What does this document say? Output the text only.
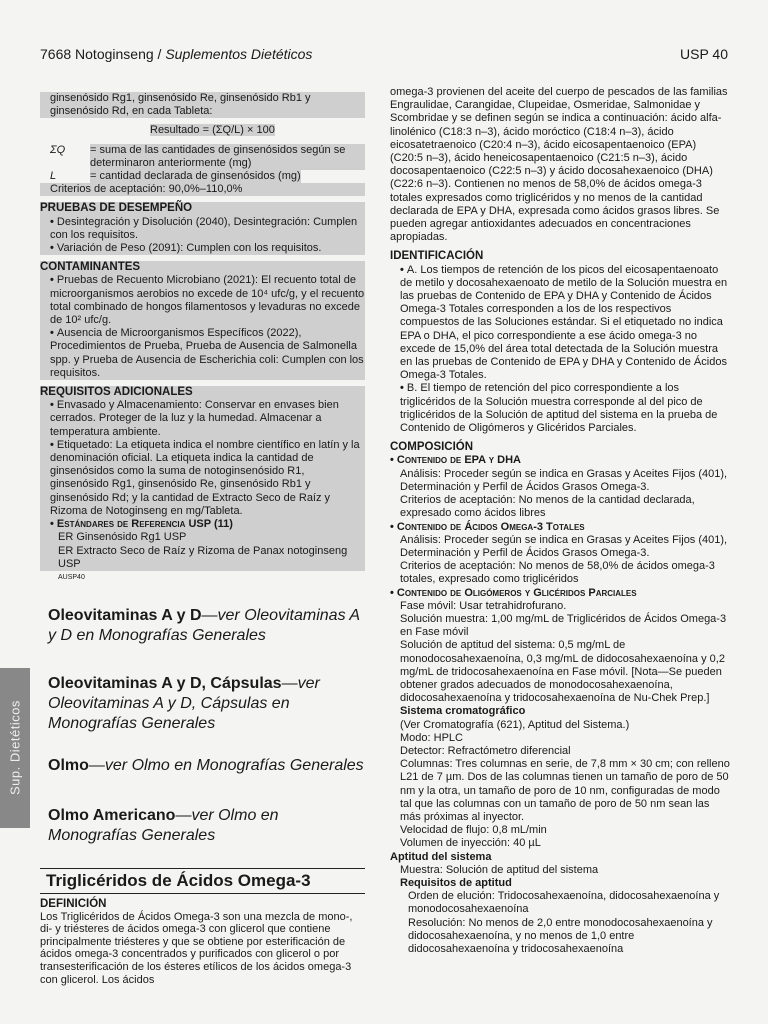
7668 Notoginseng / Suplementos Dietéticos	USP 40

ginsenósido Rg1, ginsenósido Re, ginsenósido Rb1 y ginsenósido Rd, en cada Tableta:

Resultado = (ΣQ/L) × 100

ΣQ	= suma de las cantidades de ginsenósidos según se determinaron anteriormente (mg)
L	= cantidad declarada de ginsenósidos (mg)

Criterios de aceptación: 90,0%–110,0%

PRUEBAS DE DESEMPEÑO

• Desintegración y Disolución (2040), Desintegración: Cumplen con los requisitos.

• Variación de Peso (2091): Cumplen con los requisitos.

CONTAMINANTES

• Pruebas de Recuento Microbiano (2021): El recuento total de microorganismos aerobios no excede de 10⁴ ufc/g, y el recuento total combinado de hongos filamentosos y levaduras no excede de 10² ufc/g.

• Ausencia de Microorganismos Específicos (2022), Procedimientos de Prueba, Prueba de Ausencia de Salmonella spp. y Prueba de Ausencia de Escherichia coli: Cumplen con los requisitos.

REQUISITOS ADICIONALES

• Envasado y Almacenamiento: Conservar en envases bien cerrados. Proteger de la luz y la humedad. Almacenar a temperatura ambiente.

• Etiquetado: La etiqueta indica el nombre científico en latín y la denominación oficial. La etiqueta indica la cantidad de ginsenósidos como la suma de notoginsenósido R1, ginsenósido Rg1, ginsenósido Re, ginsenósido Rb1 y ginsenósido Rd; y la cantidad de Extracto Seco de Raíz y Rizoma de Notoginseng en mg/Tableta.

• Estándares de Referencia USP (11)

ER Ginsenósido Rg1 USP

ER Extracto Seco de Raíz y Rizoma de Panax notoginseng USP

AUSP40

Oleovitaminas A y D—ver Oleovitaminas A y D en Monografías Generales
Oleovitaminas A y D, Cápsulas—ver Oleovitaminas A y D, Cápsulas en Monografías Generales
Olmo—ver Olmo en Monografías Generales
Olmo Americano—ver Olmo en Monografías Generales
Sup. Dietéticos
Triglicéridos de Ácidos Omega-3

DEFINICIÓN

Los Triglicéridos de Ácidos Omega-3 son una mezcla de mono-, di- y triésteres de ácidos omega-3 con glicerol que contiene principalmente triésteres y que se obtiene por esterificación de ácidos omega-3 concentrados y purificados con glicerol o por transesterificación de los ésteres etílicos de los ácidos omega-3 con glicerol. Los ácidos

omega-3 provienen del aceite del cuerpo de pescados de las familias Engraulidae, Carangidae, Clupeidae, Osmeridae, Salmonidae y Scombridae y se definen según se indica a continuación: ácido alfa-linolénico (C18:3 n–3), ácido moróctico (C18:4 n–3), ácido eicosatetraenoico (C20:4 n–3), ácido eicosapentaenoico (EPA) (C20:5 n–3), ácido heneicosapentaenoico (C21:5 n–3), ácido docosapentaenoico (C22:5 n–3) y ácido docosahexaenoico (DHA) (C22:6 n–3). Contienen no menos de 58,0% de ácidos omega-3 totales expresados como triglicéridos y no menos de la cantidad declarada de EPA y DHA, expresada como ácidos grasos libres. Se pueden agregar antioxidantes adecuados en concentraciones apropiadas.

IDENTIFICACIÓN

• A. Los tiempos de retención de los picos del eicosapentaenoato de metilo y docosahexaenoato de metilo de la Solución muestra en las pruebas de Contenido de EPA y DHA y Contenido de Ácidos Omega-3 Totales corresponden a los de los respectivos compuestos de las Soluciones estándar. Si el etiquetado no indica EPA o DHA, el pico correspondiente a ese ácido omega-3 no excede de 15,0% del área total detectada de la Solución muestra en las pruebas de Contenido de EPA y DHA y Contenido de Ácidos Omega-3 Totales.

• B. El tiempo de retención del pico correspondiente a los triglicéridos de la Solución muestra corresponde al del pico de triglicéridos de la Solución de aptitud del sistema en la prueba de Contenido de Oligómeros y Glicéridos Parciales.

COMPOSICIÓN

• Contenido de EPA y DHA

Análisis: Proceder según se indica en Grasas y Aceites Fijos (401), Determinación y Perfil de Ácidos Grasos Omega-3.

Criterios de aceptación: No menos de la cantidad declarada, expresado como ácidos libres

• Contenido de Ácidos Omega-3 Totales

Análisis: Proceder según se indica en Grasas y Aceites Fijos (401), Determinación y Perfil de Ácidos Grasos Omega-3.

Criterios de aceptación: No menos de 58,0% de ácidos omega-3 totales, expresado como triglicéridos

• Contenido de Oligómeros y Glicéridos Parciales

Fase móvil: Usar tetrahidrofurano.

Solución muestra: 1,00 mg/mL de Triglicéridos de Ácidos Omega-3 en Fase móvil

Solución de aptitud del sistema: 0,5 mg/mL de monodocosahexaenoína, 0,3 mg/mL de didocosahexaenoína y 0,2 mg/mL de tridocosahexaenoína en Fase móvil. [Nota—Se pueden obtener grados adecuados de monodocosahexaenoína, didocosahexaenoína y tridocosahexaenoína de Nu-Chek Prep.]

Sistema cromatográfico

(Ver Cromatografía (621), Aptitud del Sistema.)

Modo: HPLC

Detector: Refractómetro diferencial

Columnas: Tres columnas en serie, de 7,8 mm × 30 cm; con relleno L21 de 7 µm. Dos de las columnas tienen un tamaño de poro de 50 nm y la otra, un tamaño de poro de 10 nm, configuradas de modo tal que las columnas con un tamaño de poro de 50 nm sean las más próximas al inyector.

Velocidad de flujo: 0,8 mL/min

Volumen de inyección: 40 µL

Aptitud del sistema

Muestra: Solución de aptitud del sistema

Requisitos de aptitud

Orden de elución: Tridocosahexaenoína, didocosahexaenoína y monodocosahexaenoína

Resolución: No menos de 2,0 entre monodocosahexaenoína y didocosahexaenoína, y no menos de 1,0 entre didocosahexaenoína y tridocosahexaenoína
